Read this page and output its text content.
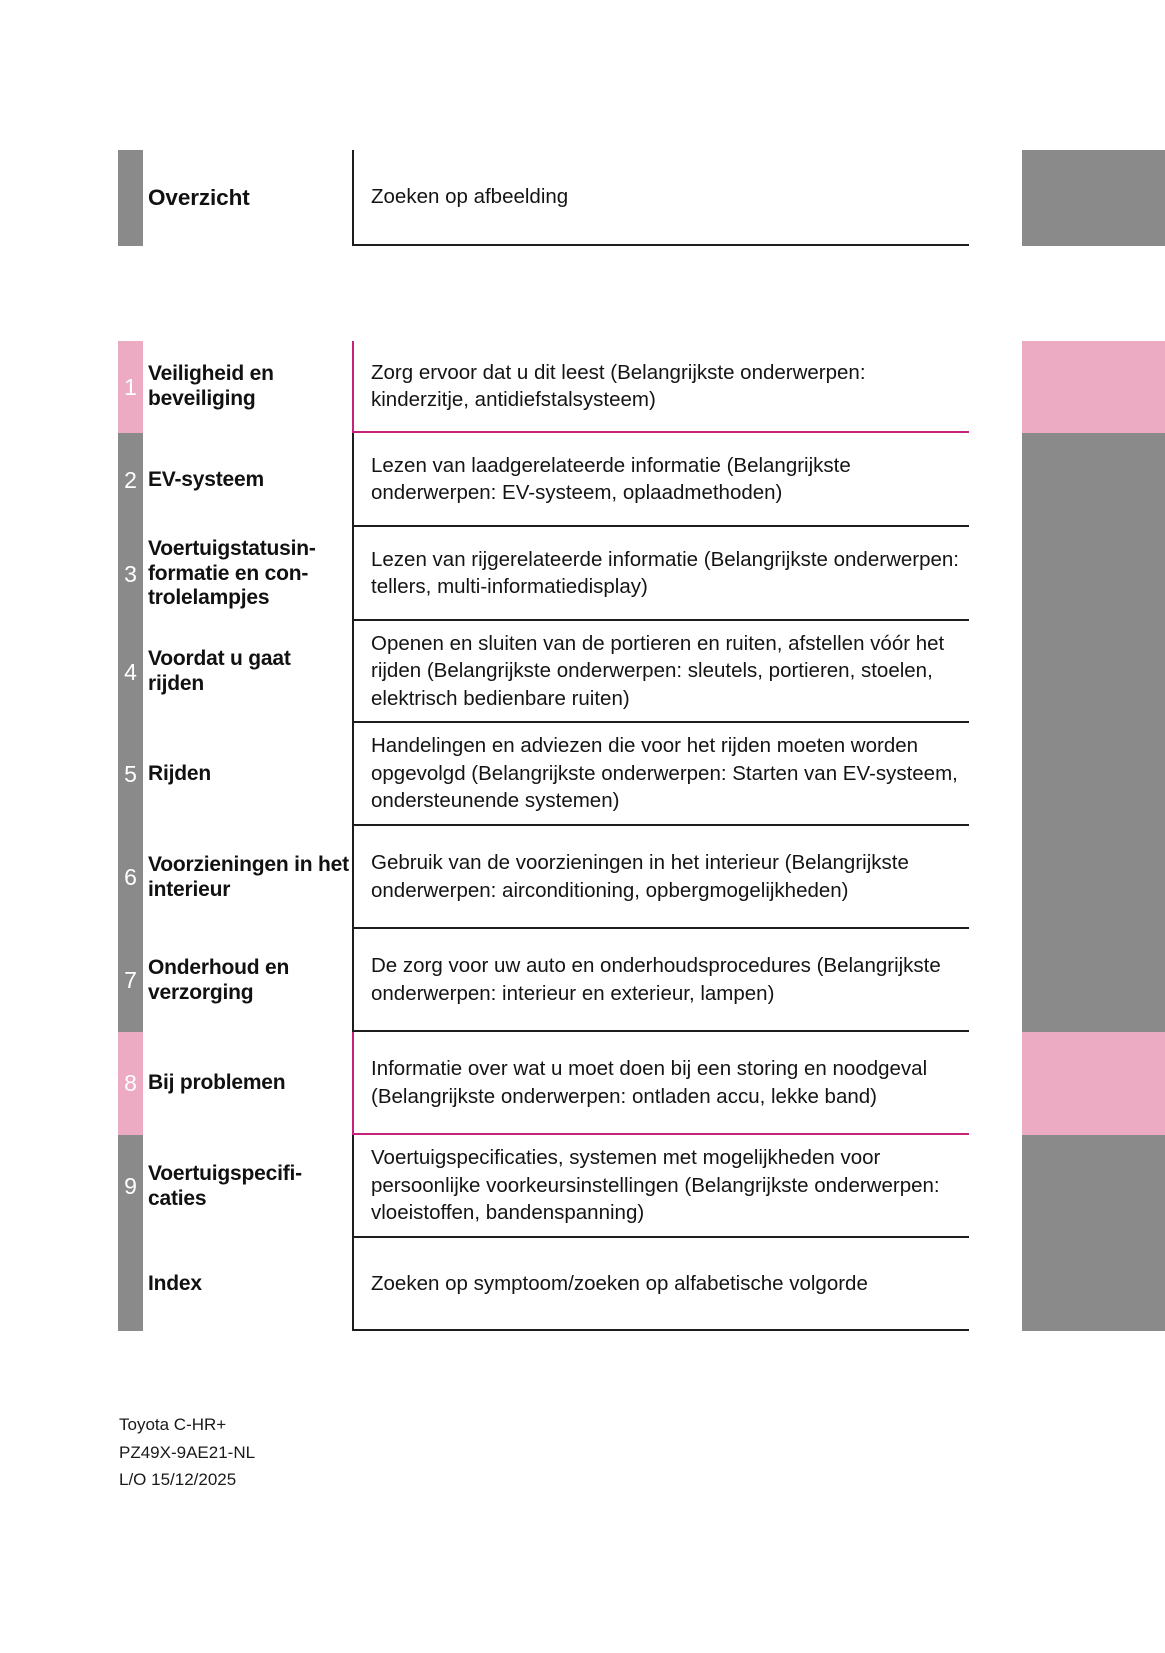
Overzicht	Zoeken op afbeelding
1 Veiligheid en beveiliging
Zorg ervoor dat u dit leest (Belangrijkste onderwerpen: kinderzitje, antidiefstalsysteem)
2 EV-systeem
Lezen van laadgerelateerde informatie (Belangrijkste onderwerpen: EV-systeem, oplaadmethoden)
3
Voertuigstatusin-formatie en con-trolelampjes
Lezen van rijgerelateerde informatie (Belangrijkste onderwerpen: tellers, multi-informatiedisplay)
4 Voordat u gaat rijden
Openen en sluiten van de portieren en ruiten, afstellen vóór het rijden (Belangrijkste onderwerpen: sleutels, portieren, stoelen, elektrisch bedienbare ruiten)
5 Rijden
Handelingen en adviezen die voor het rijden moeten worden opgevolgd (Belangrijkste onderwerpen: Starten van EV-systeem, ondersteunende systemen)
6 Voorzieningen in het interieur
Gebruik van de voorzieningen in het interieur (Belangrijkste onderwerpen: airconditioning, opbergmogelijkheden)
7 Onderhoud en verzorging
De zorg voor uw auto en onderhoudsprocedures (Belangrijkste onderwerpen: interieur en exterieur, lampen)
8 Bij problemen
Informatie over wat u moet doen bij een storing en noodgeval (Belangrijkste onderwerpen: ontladen accu, lekke band)
9 Voertuigspecifi-caties
Voertuigspecificaties, systemen met mogelijkheden voor persoonlijke voorkeursinstellingen (Belangrijkste onderwerpen: vloeistoffen, bandenspanning)
Index	Zoeken op symptoom/zoeken op alfabetische volgorde
Toyota C-HR+
PZ49X-9AE21-NL
L/O 15/12/2025
